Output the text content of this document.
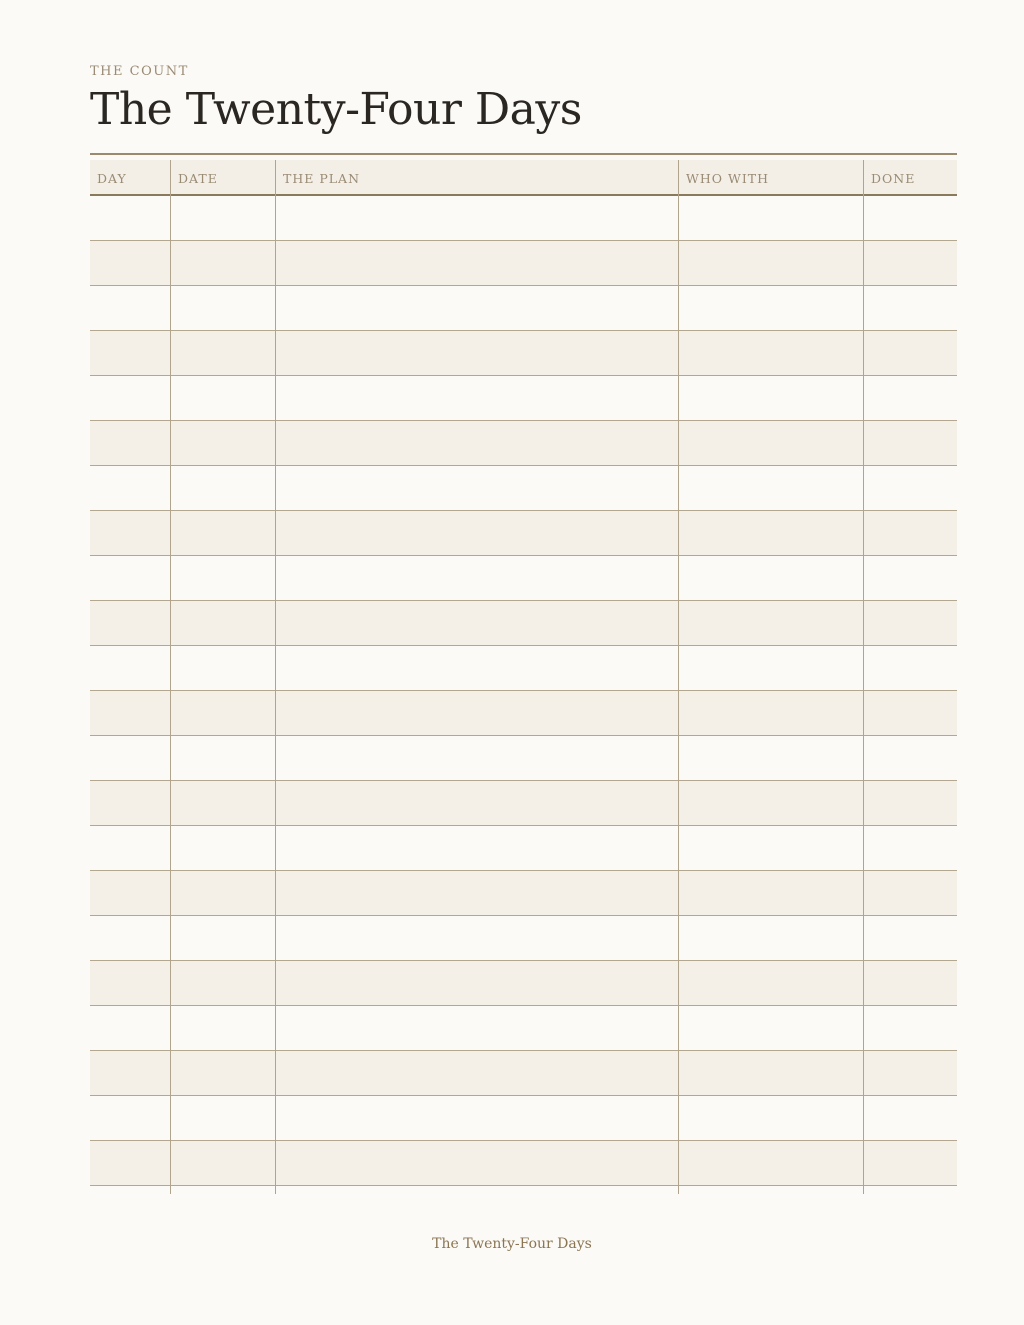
THE COUNT
The Twenty-Four Days
DAY	DATE	THE PLAN	WHO WITH	DONE
The Twenty-Four Days
